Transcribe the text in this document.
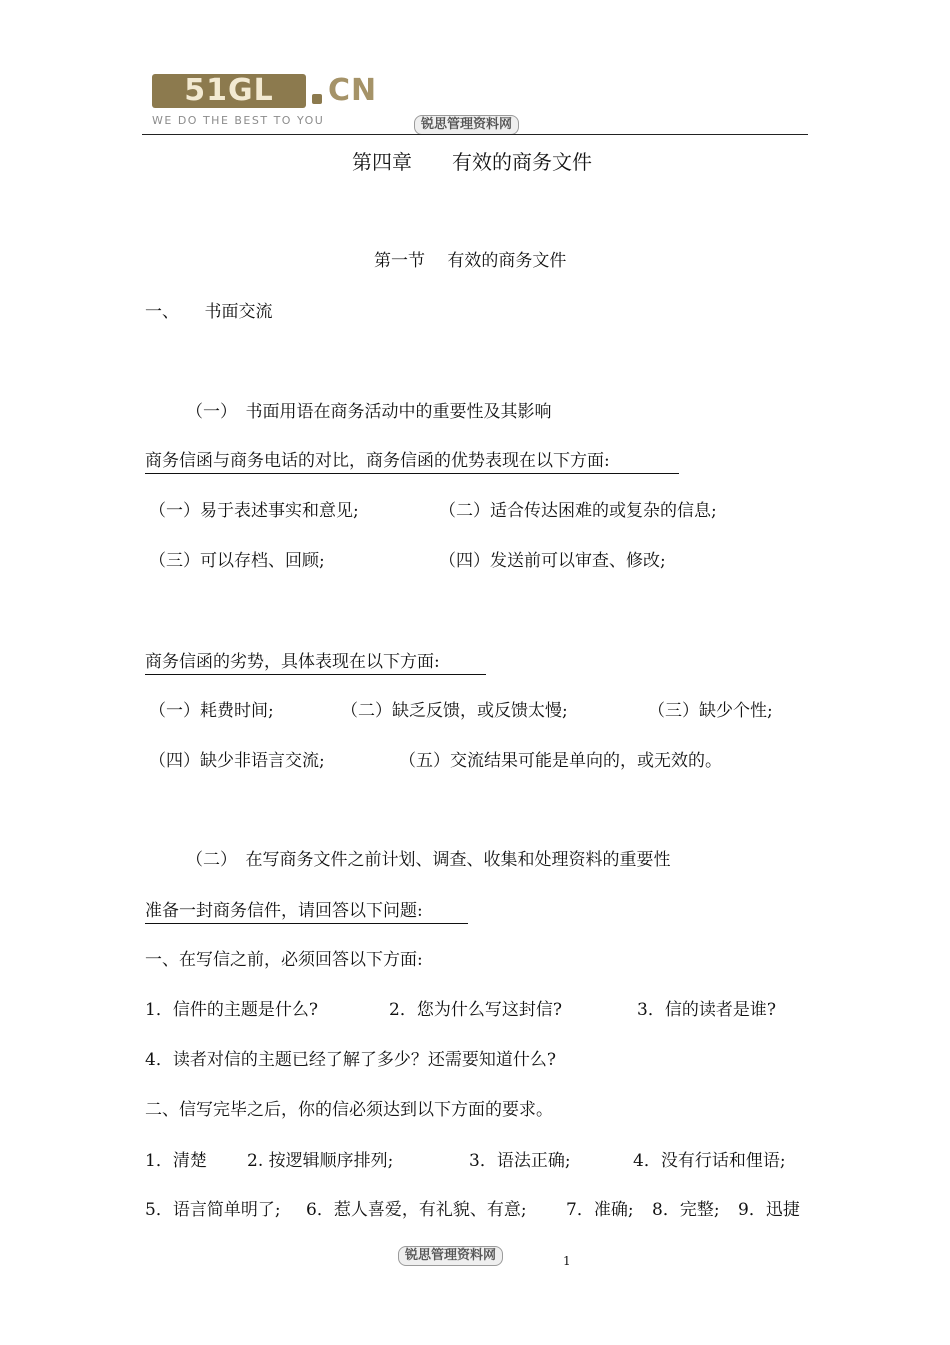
51GL	CN
WE DO THE BEST TO YOU	锐思管理资料网
第四章　　有效的商务文件
第一节　 有效的商务文件
一、　　书面交流
（一）　书面用语在商务活动中的重要性及其影响
商务信函与商务电话的对比，商务信函的优势表现在以下方面:
（一）易于表述事实和意见;	（二）适合传达困难的或复杂的信息;
（三）可以存档、回顾;	（四）发送前可以审查、修改;
商务信函的劣势，具体表现在以下方面:
（一）耗费时间;	（二）缺乏反馈，或反馈太慢;	（三）缺少个性;
（四）缺少非语言交流;	（五）交流结果可能是单向的，或无效的。
（二）　在写商务文件之前计划、调查、收集和处理资料的重要性
准备一封商务信件，请回答以下问题:
一、在写信之前，必须回答以下方面:
1．信件的主题是什么?	2．您为什么写这封信?	3．信的读者是谁?
4．读者对信的主题已经了解了多少？还需要知道什么?
二、信写完毕之后，你的信必须达到以下方面的要求。
1．清楚 2. 按逻辑顺序排列;	3．语法正确;	4．没有行话和俚语;
5．语言简单明了; 6．惹人喜爱，有礼貌、有意; 7．准确; 8．完整; 9．迅捷
锐思管理资料网	1
